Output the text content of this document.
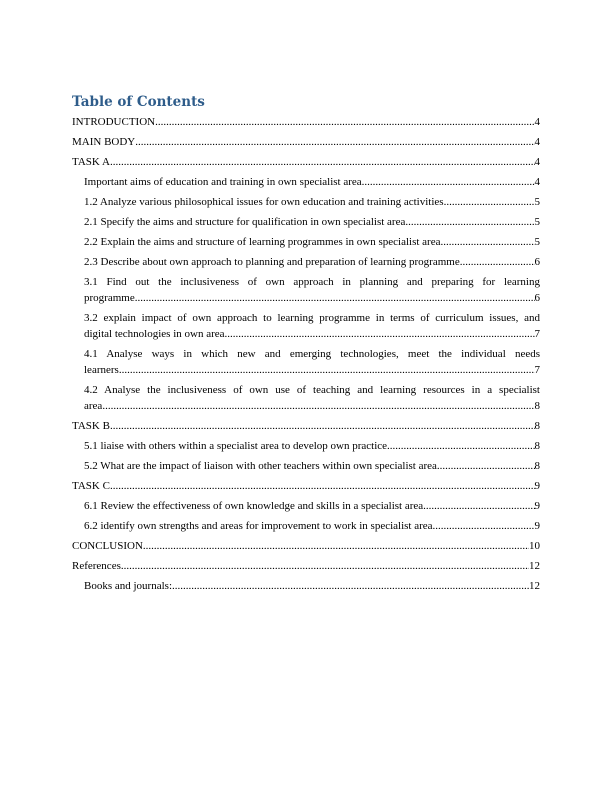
Table of Contents
INTRODUCTION .....	4
MAIN BODY .....	4
TASK A .....	4
Important aims of education and training in own specialist area .....	4
1.2 Analyze various philosophical issues for own education and training activities .....	5
2.1 Specify the aims and structure for qualification in own specialist area .....	5
2.2 Explain the aims and structure of learning programmes in own specialist area .....	5
2.3 Describe about own approach to planning and preparation of learning programme .....	6
3.1 Find out the inclusiveness of own approach in planning and preparing for learning
programme .....	6
3.2 explain impact of own approach to learning programme in terms of curriculum issues, and
digital technologies in own area .....	7
4.1 Analyse ways in which new and emerging technologies, meet the individual needs
learners .....	7
4.2 Analyse the inclusiveness of own use of teaching and learning resources in a specialist
area .....	8
TASK B .....	8
5.1 liaise with others within a specialist area to develop own practice .....	8
5.2 What are the impact of liaison with other teachers within own specialist area .....	8
TASK C .....	9
6.1 Review the effectiveness of own knowledge and skills in a specialist area .....	9
6.2 identify own strengths and areas for improvement to work in specialist area .....	9
CONCLUSION .....	10
References .....	12
Books and journals: .....	12
